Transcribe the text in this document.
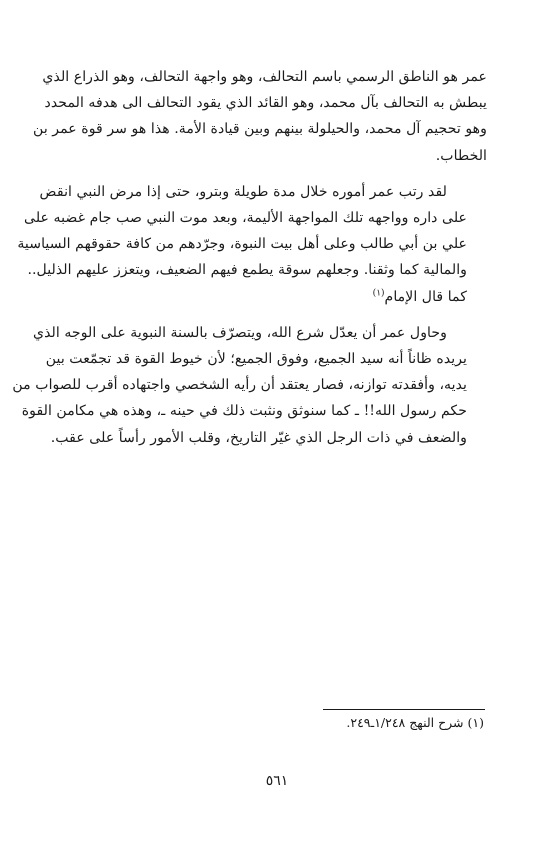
عمر هو الناطق الرسمي باسم التحالف، وهو واجهة التحالف، وهو الذراع الذي
يبطش به التحالف بآل محمد، وهو القائد الذي يقود التحالف الى هدفه المحدد
وهو تحجيم آل محمد، والحيلولة بينهم وبين قيادة الأمة. هذا هو سر قوة عمر بن
الخطاب.

لقد رتب عمر أموره خلال مدة طويلة وبترو، حتى إذا مرض النبي انقض
على داره وواجهه تلك المواجهة الأليمة، وبعد موت النبي صب جام غضبه على
علي بن أبي طالب وعلى أهل بيت النبوة، وجرّدهم من كافة حقوقهم السياسية
والمالية كما وثقنا. وجعلهم سوقة يطمع فيهم الضعيف، ويتعزز عليهم الذليل..
كما قال الإمام$^{(١)}$

وحاول عمر أن يعدّل شرع الله، ويتصرّف بالسنة النبوية على الوجه الذي
يريده ظاناً أنه سيد الجميع، وفوق الجميع؛ لأن خيوط القوة قد تجمّعت بين
يديه، وأفقدته توازنه، فصار يعتقد أن رأيه الشخصي واجتهاده أقرب للصواب من
حكم رسول الله!! ـ كما سنوثق ونثبت ذلك في حينه ـ، وهذه هي مكامن القوة
والضعف في ذات الرجل الذي غيّر التاريخ، وقلب الأمور رأساً على عقب.

(١) شرح النهج ١/٢٤٨ـ٢٤٩.
٥٦١
